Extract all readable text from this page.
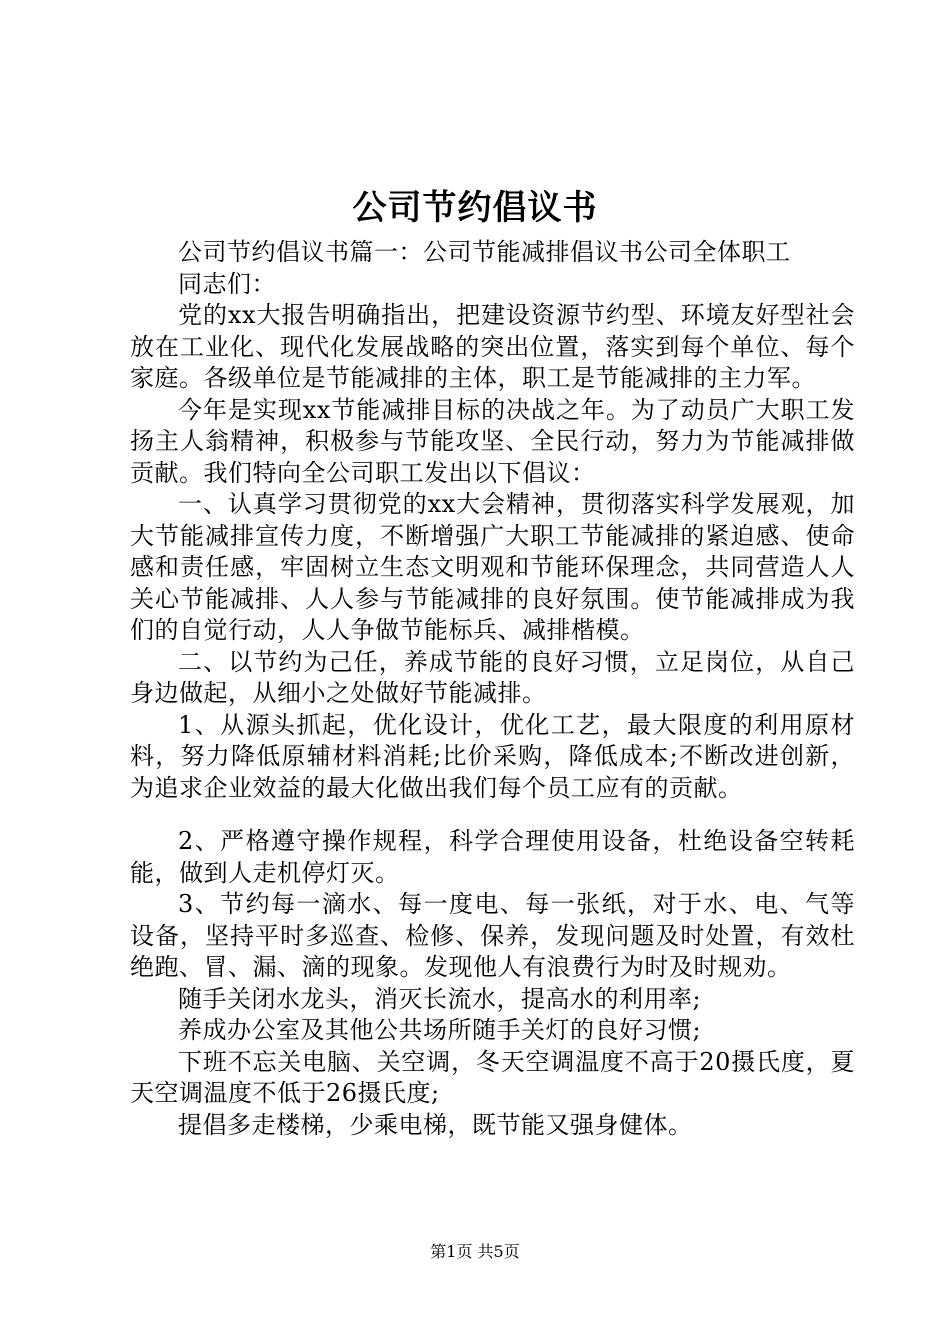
公司节约倡议书

公司节约倡议书篇一：公司节能减排倡议书公司全体职工

同志们：

党的xx大报告明确指出，把建设资源节约型、环境友好型社会放在工业化、现代化发展战略的突出位置，落实到每个单位、每个家庭。各级单位是节能减排的主体，职工是节能减排的主力军。

今年是实现xx节能减排目标的决战之年。为了动员广大职工发扬主人翁精神，积极参与节能攻坚、全民行动，努力为节能减排做贡献。我们特向全公司职工发出以下倡议：

一、认真学习贯彻党的xx大会精神，贯彻落实科学发展观，加大节能减排宣传力度，不断增强广大职工节能减排的紧迫感、使命感和责任感，牢固树立生态文明观和节能环保理念，共同营造人人关心节能减排、人人参与节能减排的良好氛围。使节能减排成为我们的自觉行动，人人争做节能标兵、减排楷模。

二、以节约为己任，养成节能的良好习惯，立足岗位，从自己身边做起，从细小之处做好节能减排。

1、从源头抓起，优化设计，优化工艺，最大限度的利用原材料，努力降低原辅材料消耗;比价采购，降低成本;不断改进创新，为追求企业效益的最大化做出我们每个员工应有的贡献。

2、严格遵守操作规程，科学合理使用设备，杜绝设备空转耗能，做到人走机停灯灭。

3、节约每一滴水、每一度电、每一张纸，对于水、电、气等设备，坚持平时多巡查、检修、保养，发现问题及时处置，有效杜绝跑、冒、漏、滴的现象。发现他人有浪费行为时及时规劝。

随手关闭水龙头，消灭长流水，提高水的利用率;

养成办公室及其他公共场所随手关灯的良好习惯;

下班不忘关电脑、关空调，冬天空调温度不高于20摄氏度，夏天空调温度不低于26摄氏度;

提倡多走楼梯，少乘电梯，既节能又强身健体。

第1页 共5页
